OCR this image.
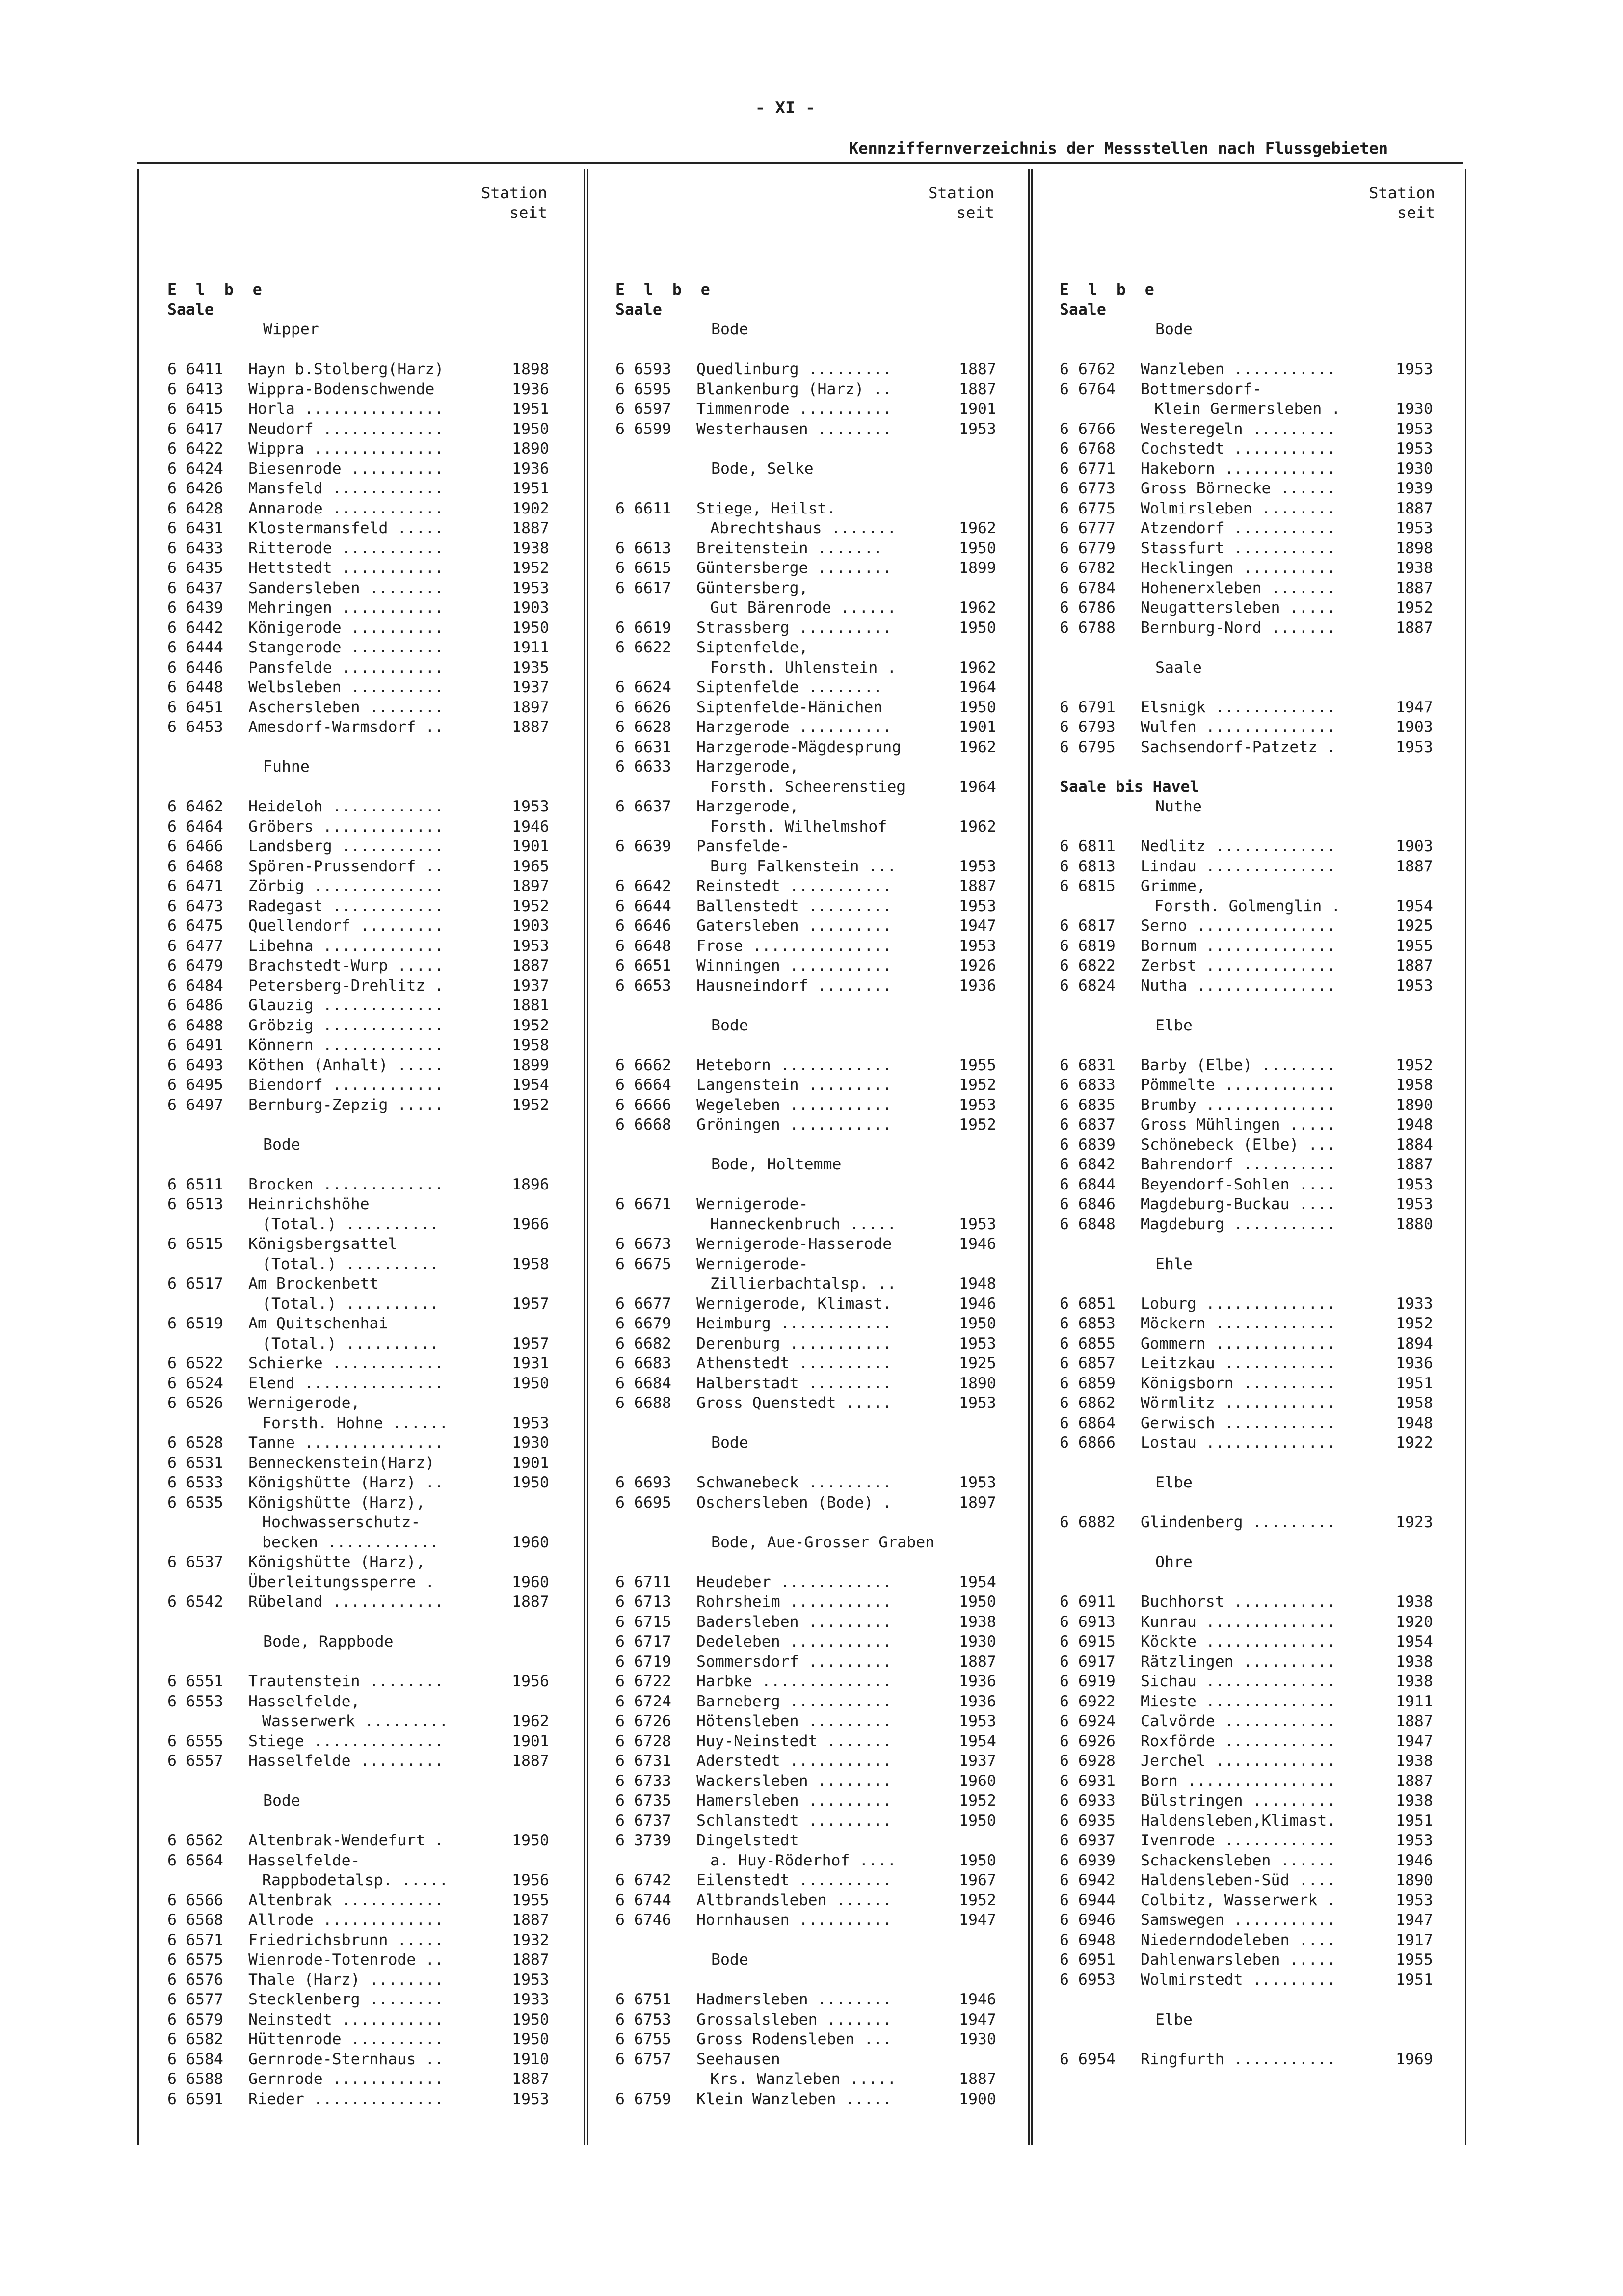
- XI -
Kennziffernverzeichnis der Messstellen nach Flussgebieten
Station
seit
E l b e
Saale
Wipper
6 6411	Hayn b.Stolberg(Harz)	1898
6 6413	Wippra-Bodenschwende	1936
6 6415	Horla ...............	1951
6 6417	Neudorf .............	1950
6 6422	Wippra ..............	1890
6 6424	Biesenrode ..........	1936
6 6426	Mansfeld ............	1951
6 6428	Annarode ............	1902
6 6431	Klostermansfeld .....	1887
6 6433	Ritterode ...........	1938
6 6435	Hettstedt ...........	1952
6 6437	Sandersleben ........	1953
6 6439	Mehringen ...........	1903
6 6442	Königerode ..........	1950
6 6444	Stangerode ..........	1911
6 6446	Pansfelde ...........	1935
6 6448	Welbsleben ..........	1937
6 6451	Aschersleben ........	1897
6 6453	Amesdorf-Warmsdorf ..	1887
Fuhne
6 6462	Heideloh ............	1953
6 6464	Gröbers .............	1946
6 6466	Landsberg ...........	1901
6 6468	Spören-Prussendorf ..	1965
6 6471	Zörbig ..............	1897
6 6473	Radegast ............	1952
6 6475	Quellendorf .........	1903
6 6477	Libehna .............	1953
6 6479	Brachstedt-Wurp .....	1887
6 6484	Petersberg-Drehlitz .	1937
6 6486	Glauzig .............	1881
6 6488	Gröbzig .............	1952
6 6491	Könnern .............	1958
6 6493	Köthen (Anhalt) .....	1899
6 6495	Biendorf ............	1954
6 6497	Bernburg-Zepzig .....	1952
Bode
6 6511	Brocken .............	1896
6 6513	Heinrichshöhe
(Total.) ..........	1966
6 6515	Königsbergsattel
(Total.) ..........	1958
6 6517	Am Brockenbett
(Total.) ..........	1957
6 6519	Am Quitschenhai
(Total.) ..........	1957
6 6522	Schierke ............	1931
6 6524	Elend ...............	1950
6 6526	Wernigerode,
Forsth. Hohne ......	1953
6 6528	Tanne ...............	1930
6 6531	Benneckenstein(Harz)	1901
6 6533	Königshütte (Harz) ..	1950
6 6535	Königshütte (Harz),
Hochwasserschutz-
becken ............	1960
6 6537	Königshütte (Harz),
Überleitungssperre .	1960
6 6542	Rübeland ............	1887
Bode, Rappbode
6 6551	Trautenstein ........	1956
6 6553	Hasselfelde,
Wasserwerk .........	1962
6 6555	Stiege ..............	1901
6 6557	Hasselfelde .........	1887
Bode
6 6562	Altenbrak-Wendefurt .	1950
6 6564	Hasselfelde-
Rappbodetalsp. .....	1956
6 6566	Altenbrak ...........	1955
6 6568	Allrode .............	1887
6 6571	Friedrichsbrunn .....	1932
6 6575	Wienrode-Totenrode ..	1887
6 6576	Thale (Harz) ........	1953
6 6577	Stecklenberg ........	1933
6 6579	Neinstedt ...........	1950
6 6582	Hüttenrode ..........	1950
6 6584	Gernrode-Sternhaus ..	1910
6 6588	Gernrode ............	1887
6 6591	Rieder ..............	1953
Station
seit
E l b e
Saale
Bode
6 6593	Quedlinburg .........	1887
6 6595	Blankenburg (Harz) ..	1887
6 6597	Timmenrode ..........	1901
6 6599	Westerhausen ........	1953
Bode, Selke
6 6611	Stiege, Heilst.
Abrechtshaus .......	1962
6 6613	Breitenstein .......	1950
6 6615	Güntersberge ........	1899
6 6617	Güntersberg,
Gut Bärenrode ......	1962
6 6619	Strassberg ..........	1950
6 6622	Siptenfelde,
Forsth. Uhlenstein .	1962
6 6624	Siptenfelde ........	1964
6 6626	Siptenfelde-Hänichen	1950
6 6628	Harzgerode ..........	1901
6 6631	Harzgerode-Mägdesprung	1962
6 6633	Harzgerode,
Forsth. Scheerenstieg	1964
6 6637	Harzgerode,
Forsth. Wilhelmshof	1962
6 6639	Pansfelde-
Burg Falkenstein ...	1953
6 6642	Reinstedt ...........	1887
6 6644	Ballenstedt .........	1953
6 6646	Gatersleben .........	1947
6 6648	Frose ...............	1953
6 6651	Winningen ...........	1926
6 6653	Hausneindorf ........	1936
Bode
6 6662	Heteborn ............	1955
6 6664	Langenstein .........	1952
6 6666	Wegeleben ...........	1953
6 6668	Gröningen ...........	1952
Bode, Holtemme
6 6671	Wernigerode-
Hanneckenbruch .....	1953
6 6673	Wernigerode-Hasserode	1946
6 6675	Wernigerode-
Zillierbachtalsp. ..	1948
6 6677	Wernigerode, Klimast.	1946
6 6679	Heimburg ............	1950
6 6682	Derenburg ...........	1953
6 6683	Athenstedt ..........	1925
6 6684	Halberstadt .........	1890
6 6688	Gross Quenstedt .....	1953
Bode
6 6693	Schwanebeck .........	1953
6 6695	Oschersleben (Bode) .	1897
Bode, Aue-Grosser Graben
6 6711	Heudeber ............	1954
6 6713	Rohrsheim ...........	1950
6 6715	Badersleben .........	1938
6 6717	Dedeleben ...........	1930
6 6719	Sommersdorf .........	1887
6 6722	Harbke ..............	1936
6 6724	Barneberg ...........	1936
6 6726	Hötensleben .........	1953
6 6728	Huy-Neinstedt .......	1954
6 6731	Aderstedt ...........	1937
6 6733	Wackersleben ........	1960
6 6735	Hamersleben .........	1952
6 6737	Schlanstedt .........	1950
6 3739	Dingelstedt
a. Huy-Röderhof ....	1950
6 6742	Eilenstedt ..........	1967
6 6744	Altbrandsleben ......	1952
6 6746	Hornhausen ..........	1947
Bode
6 6751	Hadmersleben ........	1946
6 6753	Grossalsleben .......	1947
6 6755	Gross Rodensleben ...	1930
6 6757	Seehausen
Krs. Wanzleben .....	1887
6 6759	Klein Wanzleben .....	1900
Station
seit
E l b e
Saale
Bode
6 6762	Wanzleben ...........	1953
6 6764	Bottmersdorf-
Klein Germersleben .	1930
6 6766	Westeregeln .........	1953
6 6768	Cochstedt ...........	1953
6 6771	Hakeborn ............	1930
6 6773	Gross Börnecke ......	1939
6 6775	Wolmirsleben ........	1887
6 6777	Atzendorf ...........	1953
6 6779	Stassfurt ...........	1898
6 6782	Hecklingen ..........	1938
6 6784	Hohenerxleben .......	1887
6 6786	Neugattersleben .....	1952
6 6788	Bernburg-Nord .......	1887
Saale
6 6791	Elsnigk .............	1947
6 6793	Wulfen ..............	1903
6 6795	Sachsendorf-Patzetz .	1953
Saale bis Havel
Nuthe
6 6811	Nedlitz .............	1903
6 6813	Lindau ..............	1887
6 6815	Grimme,
Forsth. Golmenglin .	1954
6 6817	Serno ...............	1925
6 6819	Bornum ..............	1955
6 6822	Zerbst ..............	1887
6 6824	Nutha ...............	1953
Elbe
6 6831	Barby (Elbe) ........	1952
6 6833	Pömmelte ............	1958
6 6835	Brumby ..............	1890
6 6837	Gross Mühlingen .....	1948
6 6839	Schönebeck (Elbe) ...	1884
6 6842	Bahrendorf ..........	1887
6 6844	Beyendorf-Sohlen ....	1953
6 6846	Magdeburg-Buckau ....	1953
6 6848	Magdeburg ...........	1880
Ehle
6 6851	Loburg ..............	1933
6 6853	Möckern .............	1952
6 6855	Gommern .............	1894
6 6857	Leitzkau ............	1936
6 6859	Königsborn ..........	1951
6 6862	Wörmlitz ............	1958
6 6864	Gerwisch ............	1948
6 6866	Lostau ..............	1922
Elbe
6 6882	Glindenberg .........	1923
Ohre
6 6911	Buchhorst ...........	1938
6 6913	Kunrau ..............	1920
6 6915	Köckte ..............	1954
6 6917	Rätzlingen ..........	1938
6 6919	Sichau ..............	1938
6 6922	Mieste ..............	1911
6 6924	Calvörde ............	1887
6 6926	Roxförde ............	1947
6 6928	Jerchel .............	1938
6 6931	Born ................	1887
6 6933	Bülstringen .........	1938
6 6935	Haldensleben,Klimast.	1951
6 6937	Ivenrode ............	1953
6 6939	Schackensleben ......	1946
6 6942	Haldensleben-Süd ....	1890
6 6944	Colbitz, Wasserwerk .	1953
6 6946	Samswegen ...........	1947
6 6948	Niederndodeleben ....	1917
6 6951	Dahlenwarsleben .....	1955
6 6953	Wolmirstedt .........	1951
Elbe
6 6954	Ringfurth ...........	1969
